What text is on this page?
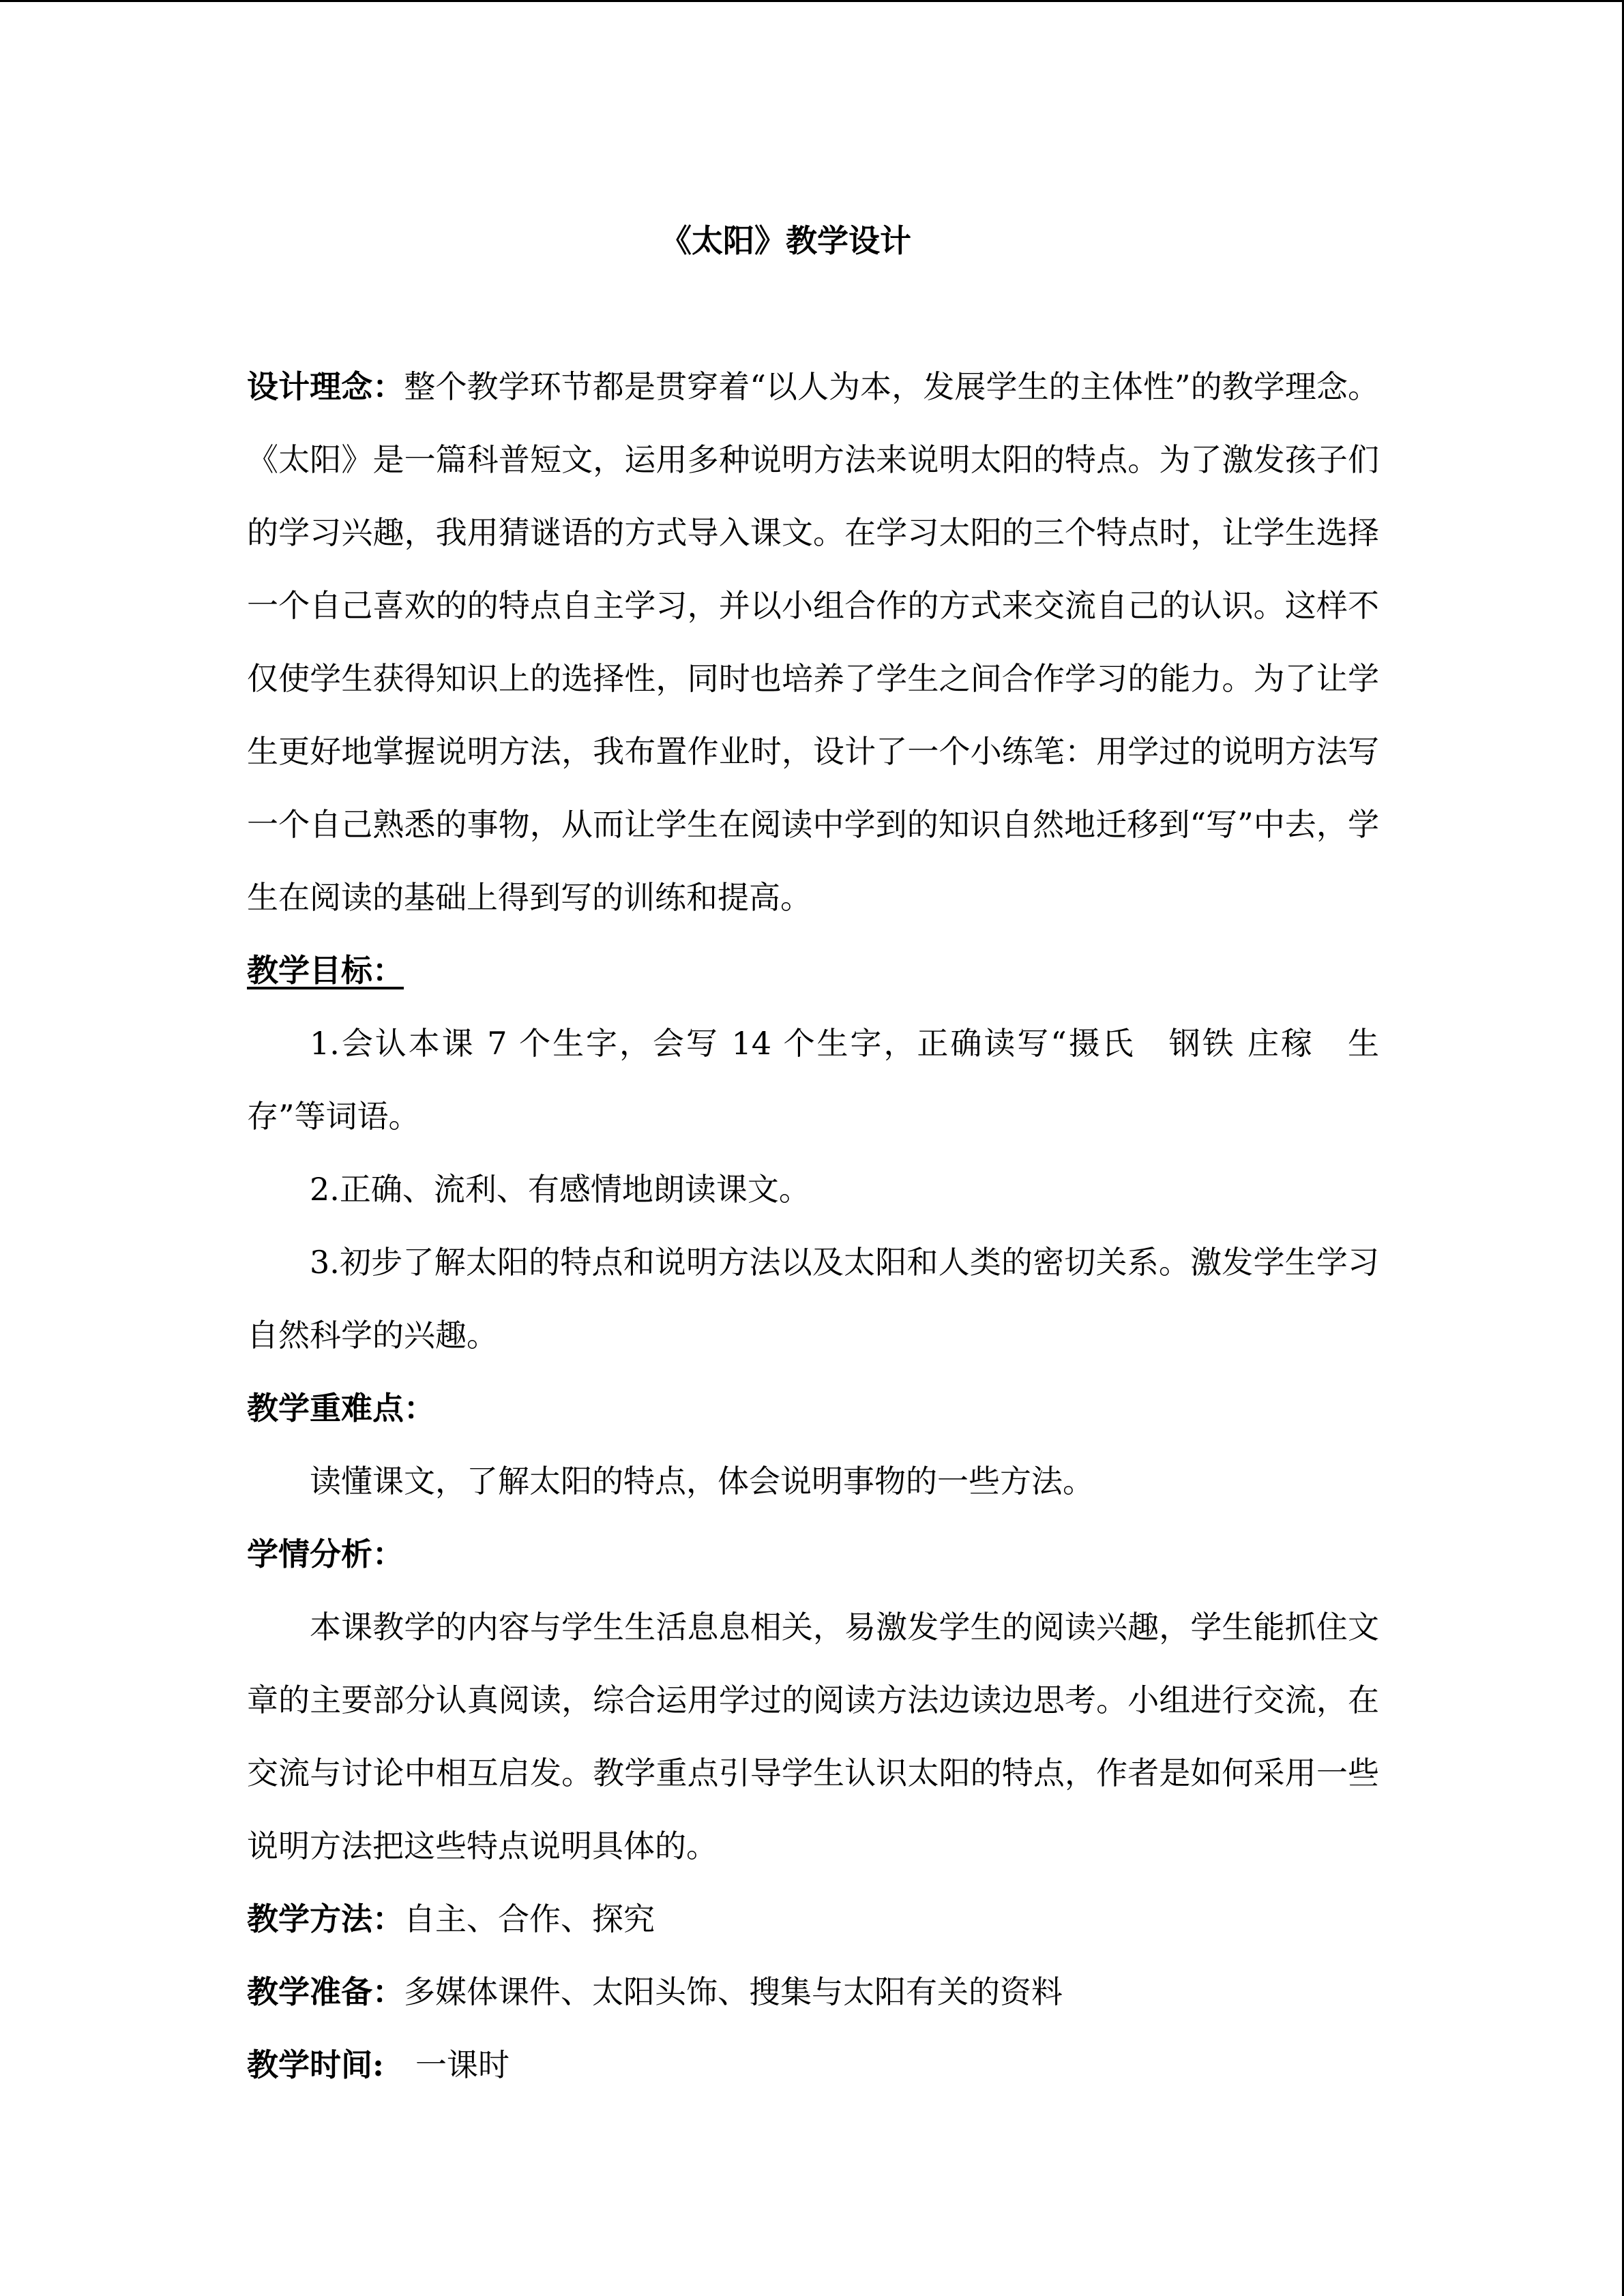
《太阳》教学设计

设计理念：整个教学环节都是贯穿着“以人为本，发展学生的主体性”的教学理念。《太阳》是一篇科普短文，运用多种说明方法来说明太阳的特点。为了激发孩子们的学习兴趣，我用猜谜语的方式导入课文。在学习太阳的三个特点时，让学生选择一个自己喜欢的的特点自主学习，并以小组合作的方式来交流自己的认识。这样不仅使学生获得知识上的选择性，同时也培养了学生之间合作学习的能力。为了让学生更好地掌握说明方法，我布置作业时，设计了一个小练笔：用学过的说明方法写一个自己熟悉的事物，从而让学生在阅读中学到的知识自然地迁移到“写”中去，学生在阅读的基础上得到写的训练和提高。

教学目标：

1.会认本课 7 个生字，会写 14 个生字，正确读写“摄氏　钢铁 庄稼　生存”等词语。

2.正确、流利、有感情地朗读课文。

3.初步了解太阳的特点和说明方法以及太阳和人类的密切关系。激发学生学习自然科学的兴趣。

教学重难点：

读懂课文，了解太阳的特点，体会说明事物的一些方法。

学情分析：

本课教学的内容与学生生活息息相关，易激发学生的阅读兴趣，学生能抓住文章的主要部分认真阅读，综合运用学过的阅读方法边读边思考。小组进行交流，在交流与讨论中相互启发。教学重点引导学生认识太阳的特点，作者是如何采用一些说明方法把这些特点说明具体的。

教学方法：自主、合作、探究

教学准备：多媒体课件、太阳头饰、搜集与太阳有关的资料

教学时间: 一课时
